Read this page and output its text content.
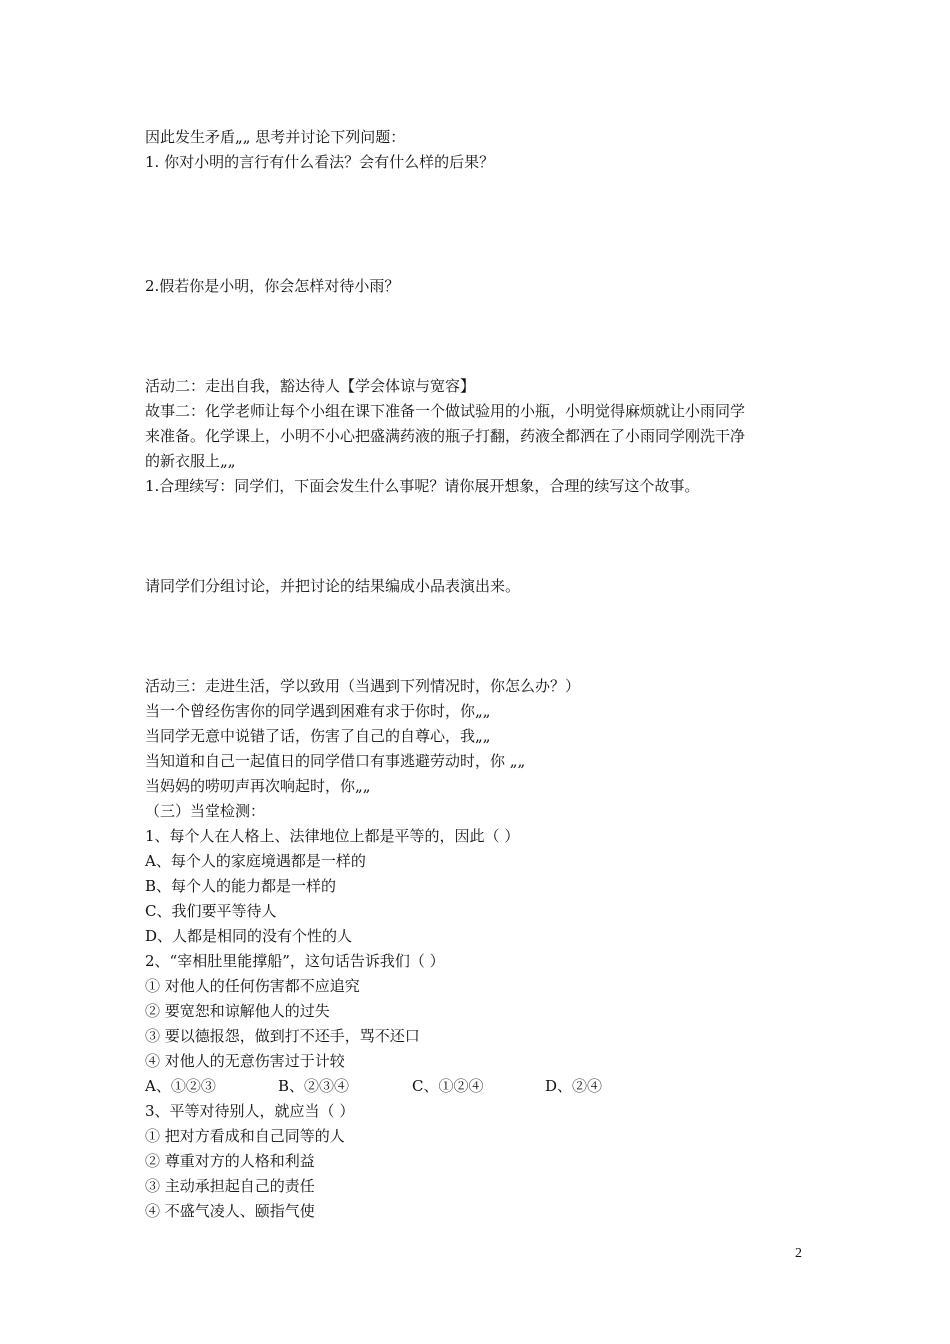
因此发生矛盾„„ 思考并讨论下列问题：
1. 你对小明的言行有什么看法？会有什么样的后果？
2.假若你是小明，你会怎样对待小雨？
活动二：走出自我，豁达待人【学会体谅与宽容】
故事二：化学老师让每个小组在课下准备一个做试验用的小瓶，小明觉得麻烦就让小雨同学
来准备。化学课上，小明不小心把盛满药液的瓶子打翻，药液全都洒在了小雨同学刚洗干净
的新衣服上„„
1.合理续写：同学们，下面会发生什么事呢？请你展开想象，合理的续写这个故事。
请同学们分组讨论，并把讨论的结果编成小品表演出来。
活动三：走进生活，学以致用（当遇到下列情况时，你怎么办？）
当一个曾经伤害你的同学遇到困难有求于你时，你„„
当同学无意中说错了话，伤害了自己的自尊心，我„„
当知道和自己一起值日的同学借口有事逃避劳动时，你 „„
当妈妈的唠叨声再次响起时，你„„
（三）当堂检测：
1、每个人在人格上、法律地位上都是平等的，因此（ ）
A、每个人的家庭境遇都是一样的
B、每个人的能力都是一样的
C、我们要平等待人
D、人都是相同的没有个性的人
2、“宰相肚里能撑船”，这句话告诉我们（ ）
① 对他人的任何伤害都不应追究
② 要宽恕和谅解他人的过失
③ 要以德报怨，做到打不还手，骂不还口
④ 对他人的无意伤害过于计较
A、①②③	B、②③④	C、①②④	D、②④
3、平等对待别人，就应当（ ）
① 把对方看成和自己同等的人
② 尊重对方的人格和利益
③ 主动承担起自己的责任
④ 不盛气凌人、颐指气使
2
